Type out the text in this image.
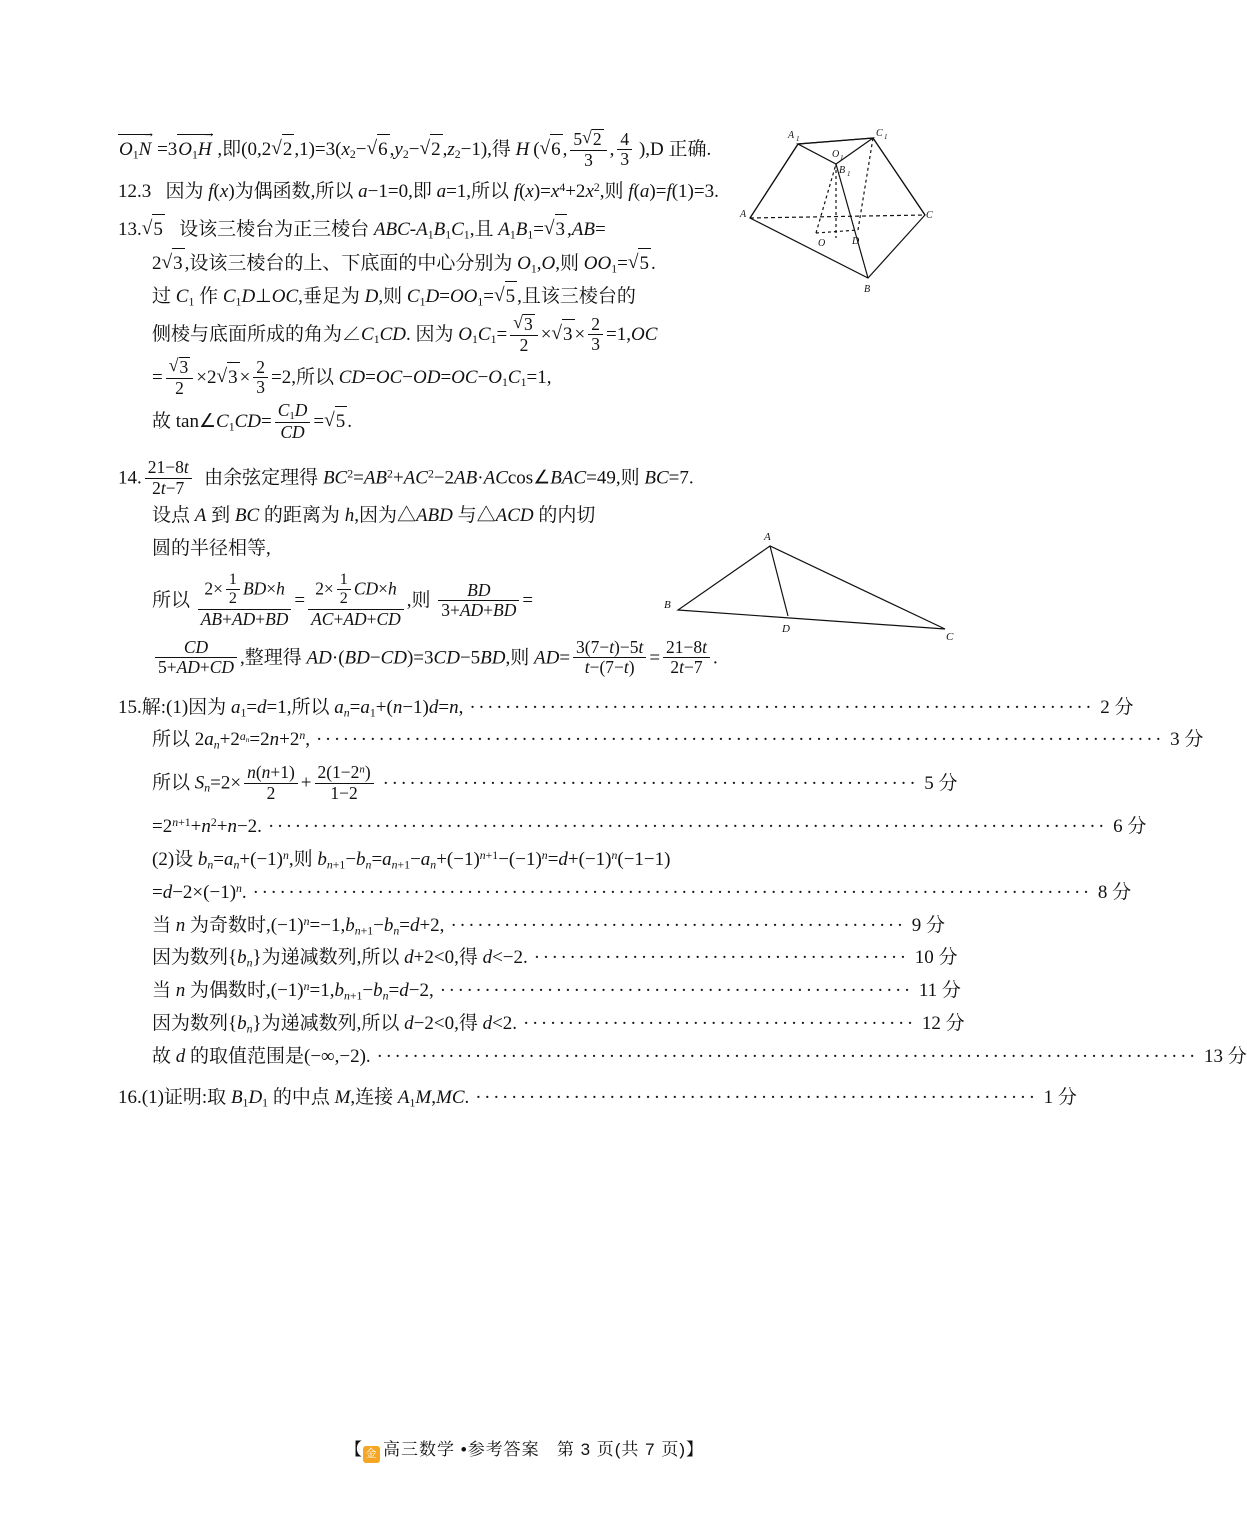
$O_1N \to =3O_1H$ → ,即(0,2 √ 2 $,1)=3(x_2-$ √ 6 $,y_2-$ √ 2 $,z_2-1$),得 H ( √ 6 , $\frac{5 √ 2}{3}$ , $\frac{4}{3} ),D$ 正确.
12.3   因为 f(x)为偶函数,所以 a−1=0,即 a=1,所以 $f(x)=x^4+2x^2$,则 f(a)=f(1)=3.
13. √ 5   设该三棱台为正三棱台 ABC-$A_1B_1C_1$,且 $A_1B_1=$ √ 3 ,AB=
2 √ 3 ,设该三棱台的上、下底面的中心分别为 $O_1,O$,则 $OO_1=$ √ 5 .
过 $C_1$ 作 $C_1D\perp OC$,垂足为 D,则 $C_1D=OO_1=$ √ 5 ,且该三棱台的
侧棱与底面所成的角为$\angle C_1CD$. 因为 $O_1C_1=$ √ $\frac{3}{2}$ × √ $3 \times \frac{2}{3} =1,OC$
= √ $\frac{3}{2} \times 2$ √ $3 \times \frac{2}{3} =2$,所以 $CD=OC-OD=OC-O_1C_1=1$,
故 $\tan\angle C_1CD= \frac{C_1D}{CD}$ = √ 5 .
14. $\frac{21-8t}{2t-7}$ 由余弦定理得 $BC^2=AB^2+AC^2-2AB\cdot ACcos\angle BAC=49$,则 BC=7.
设点 A 到 BC 的距离为 h,因为△ABD 与△ACD 的内切
圆的半径相等,
所以 $\frac{2\times \frac{1}{2} BD\times h}{AB+AD+BD} = \frac{2\times \frac{1}{2} CD\times h}{AC+AD+CD}$ ,则 $\frac{BD}{3+AD+BD}$ =
$\frac{CD}{5+AD+CD}$ ,整理得 AD·(BD−CD)=3CD−5BD,则 $AD= \frac{3(7-t)-5t}{t-(7-t)} = \frac{21-8t}{2t-7}$ .
15.解:(1)因为 $a_1=d=1$,所以 $a_n=a_1+(n-1)d=n$, ······································································ 2 分
所以 $2a_n+2^{a_n}=2n+2^n$, ······························································································· 3 分
所以 $S_n=2\times \frac{n(n+1)}{2} + \frac{2(1-2^n)}{1-2}$ ···························································· 5 分
$=2^{n+1}+n^2+n-2$. ······························································································ 6 分
(2)设 $b_n=a_n+(-1)^n$,则 $b_{n+1}-b_n=a_{n+1}-a_n+(-1)^{n+1}-(-1)^n=d+(-1)^n(-1-1)$
$=d-2\times(-1)^n$. ······························································································ 8 分
当 n 为奇数时$,(-1)^n=-1,b_{n+1}-b_n=d+2$, ··················································· 9 分
因为数列$\{b_n\}$为递减数列,所以 d+2<0,得 d<−2. ·········································· 10 分
当 n 为偶数时$,(-1)^n=1,b_{n+1}-b_n=d-2$, ····················································· 11 分
因为数列$\{b_n\}$为递减数列,所以 d−2<0,得 d<2. ············································ 12 分
故 d 的取值范围是(−∞,−2). ···························································································· 13 分
16.(1)证明:取 $B_1D_1$ 的中点 M,连接 $A_1M,MC$. ······························································· 1 分
A 1	C 1
O 1
B 1
A	C
B
O	D
A
B
C
D
【 金 高三数学 •参考答案 第 3 页(共 7 页)】
